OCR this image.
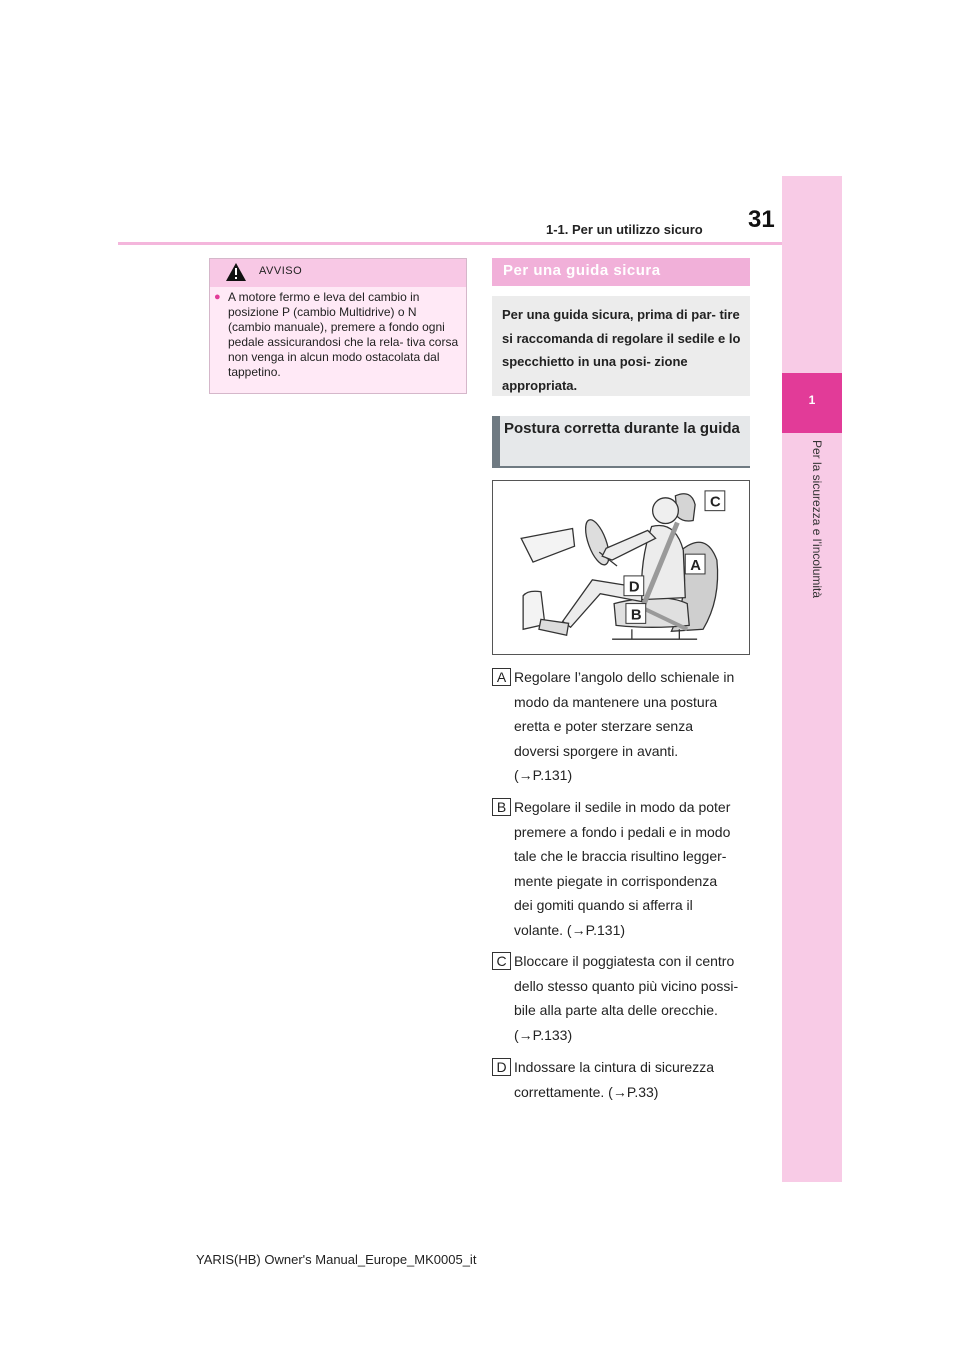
1-1. Per un utilizzo sicuro	31
1
Per la sicurezza e l’incolumità
AVVISO
● A motore fermo e leva del cambio in posizione P (cambio Multidrive) o N (cambio manuale), premere a fondo ogni pedale assicurandosi che la rela- tiva corsa non venga in alcun modo ostacolata dal tappetino.
Per una guida sicura
Per una guida sicura, prima di par- tire si raccomanda di regolare il sedile e lo specchietto in una posi- zione appropriata.
Postura corretta durante la guida
C
A
D
B
A Regolare l’angolo dello schienale in
modo da mantenere una postura
eretta e poter sterzare senza
doversi sporgere in avanti.
(→P.131)
B Regolare il sedile in modo da poter
premere a fondo i pedali e in modo
tale che le braccia risultino legger-
mente piegate in corrispondenza
dei gomiti quando si afferra il
volante. (→P.131)
C Bloccare il poggiatesta con il centro
dello stesso quanto più vicino possi-
bile alla parte alta delle orecchie.
(→P.133)
D Indossare la cintura di sicurezza
correttamente. (→P.33)
YARIS(HB) Owner's Manual_Europe_MK0005_it
